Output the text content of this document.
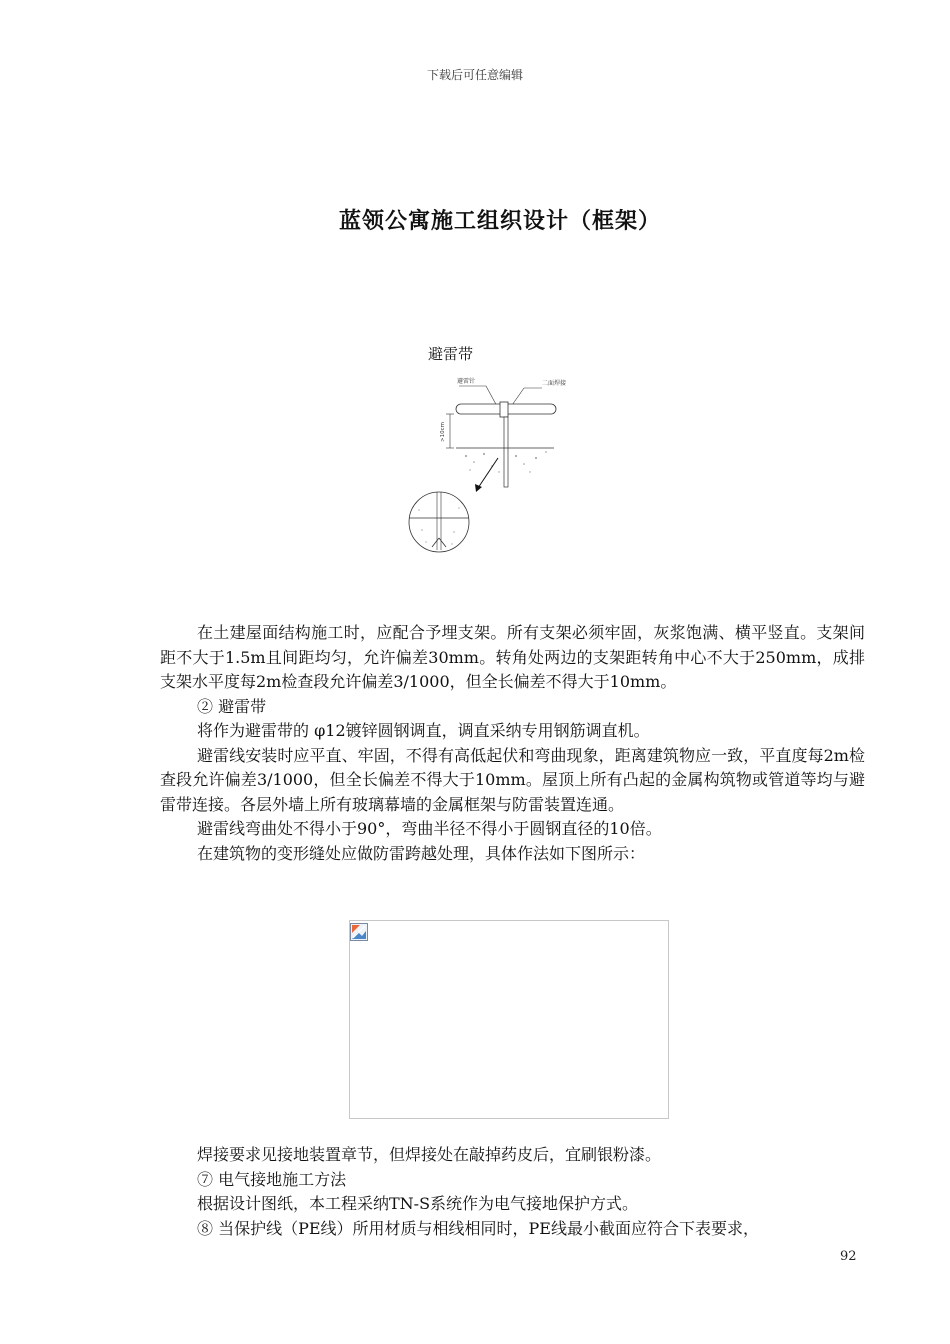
下载后可任意编辑
蓝领公寓施工组织设计（框架）
避雷带
避雷针	二面焊接
>10cm

在土建屋面结构施工时，应配合予埋支架。所有支架必须牢固，灰浆饱满、横平竖直。支架间距不大于1.5m且间距均匀，允许偏差30mm。转角处两边的支架距转角中心不大于250mm，成排支架水平度每2m检查段允许偏差3/1000，但全长偏差不得大于10mm。

② 避雷带

将作为避雷带的 φ12镀锌圆钢调直，调直采纳专用钢筋调直机。

避雷线安装时应平直、牢固，不得有高低起伏和弯曲现象，距离建筑物应一致，平直度每2m检查段允许偏差3/1000，但全长偏差不得大于10mm。屋顶上所有凸起的金属构筑物或管道等均与避雷带连接。各层外墙上所有玻璃幕墙的金属框架与防雷装置连通。

避雷线弯曲处不得小于90°，弯曲半径不得小于圆钢直径的10倍。

在建筑物的变形缝处应做防雷跨越处理，具体作法如下图所示：

焊接要求见接地装置章节，但焊接处在敲掉药皮后，宜刷银粉漆。

⑦ 电气接地施工方法

根据设计图纸，本工程采纳TN-S系统作为电气接地保护方式。

⑧ 当保护线（PE线）所用材质与相线相同时，PE线最小截面应符合下表要求，

92
